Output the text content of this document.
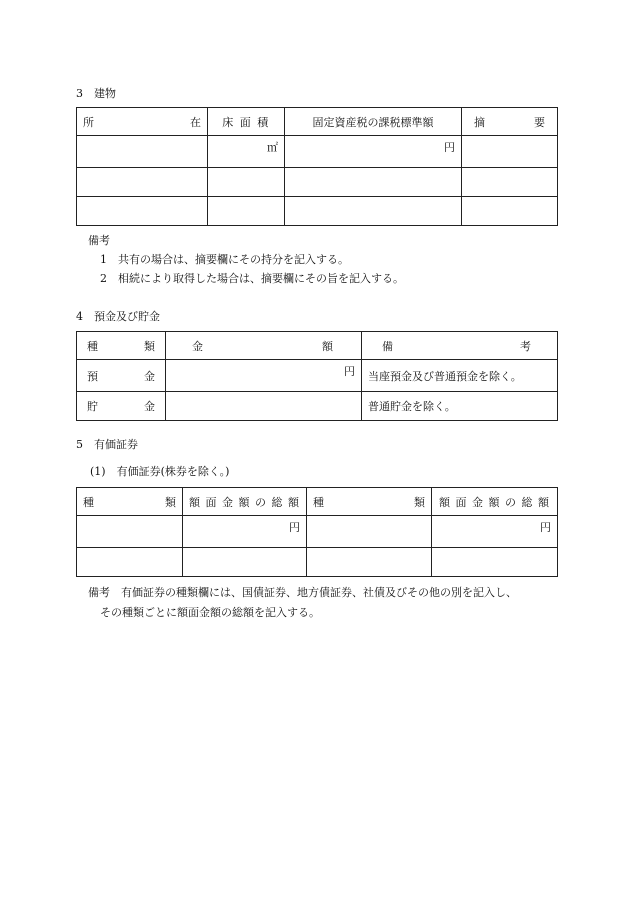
3　建物
所 在	床 面 積	固定資産税の課税標準額	摘 要

	㎡	円	

備考
1　共有の場合は、摘要欄にその持分を記入する。
2　相続により取得した場合は、摘要欄にその旨を記入する。
4　預金及び貯金
種 類	金 額	備 考

預 金	円	当座預金及び普通預金を除く。

貯 金		普通貯金を除く。
5　有価証券
(1)　有価証券(株券を除く。)
種 類	額 面 金 額 の 総 額	種 類	額 面 金 額 の 総 額
	円		円

備考　有価証券の種類欄には、国債証券、地方債証券、社債及びその他の別を記入し、
その種類ごとに額面金額の総額を記入する。
